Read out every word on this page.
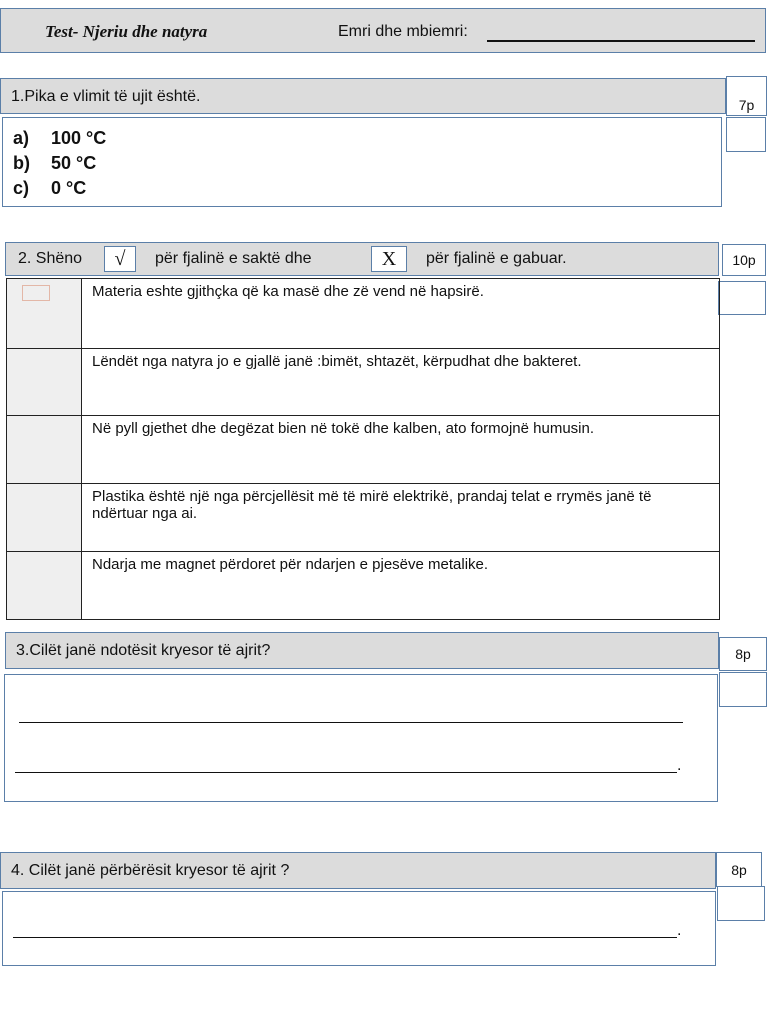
Test- Njeriu dhe natyra	Emri dhe mbiemri:
1.Pika e vlimit të ujit është.	7p
a) 100 °C
b) 50 °C
c) 0 °C
2. Shëno	√	për fjalinë e saktë dhe	X	për fjalinë e gabuar.	10p
	Materia eshte gjithçka që ka masë dhe zë vend në hapsirë.
	Lëndët nga natyra jo e gjallë janë :bimët, shtazët, kërpudhat dhe bakteret.
	Në pyll gjethet dhe degëzat bien në tokë dhe kalben, ato formojnë humusin.
	Plastika është një nga përcjellësit më të mirë elektrikë, prandaj telat e rrymës janë të ndërtuar nga ai.
	Ndarja me magnet përdoret për ndarjen e pjesëve metalike.
3.Cilët janë ndotësit kryesor të ajrit?	8p
.
4. Cilët janë përbërësit kryesor të ajrit ?	8p
.
